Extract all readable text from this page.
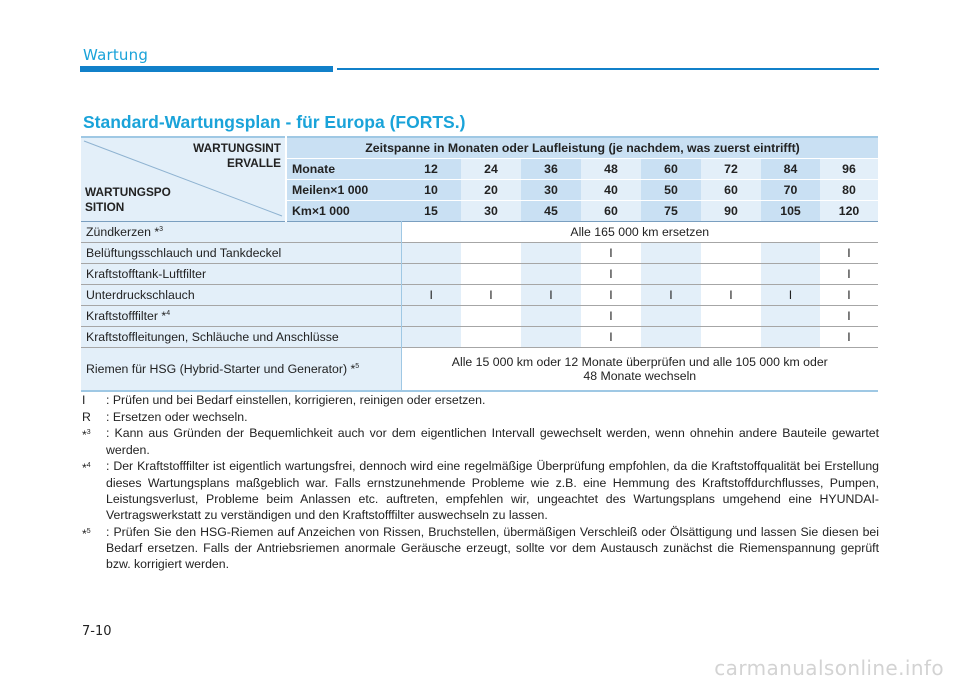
Wartung
Standard-Wartungsplan - für Europa (FORTS.)
WARTUNGSINT
ERVALLE
WARTUNGSPO
SITION	Zeitspanne in Monaten oder Laufleistung (je nachdem, was zuerst eintrifft)								
	Monate	12	24	36	48	60	72	84	96
	Meilen×1 000	10	20	30	40	50	60	70	80
	Km×1 000	15	30	45	60	75	90	105	120
Zündkerzen *$^3$		Alle 165 000 km ersetzen							
Belüftungsschlauch und Tankdeckel					I				I
Kraftstofftank-Luftfilter					I				I
Unterdruckschlauch		I	I	I	I	I	I	I	I
Kraftstofffilter *$^4$					I				I
Kraftstoffleitungen, Schläuche und Anschlüsse					I				I
Riemen für HSG (Hybrid-Starter und Generator) *$^5$		Alle 15 000 km oder 12 Monate überprüfen und alle 105 000 km oder
48 Monate wechseln							
I	: Prüfen und bei Bedarf einstellen, korrigieren, reinigen oder ersetzen.
R	: Ersetzen oder wechseln.
*$^3$	: Kann aus Gründen der Bequemlichkeit auch vor dem eigentlichen Intervall gewechselt werden, wenn ohnehin andere Bauteile gewartet werden.
*$^4$	: Der Kraftstofffilter ist eigentlich wartungsfrei, dennoch wird eine regelmäßige Überprüfung empfohlen, da die Kraftstoffqualität bei Erstellung dieses Wartungsplans maßgeblich war. Falls ernstzunehmende Probleme wie z.B. eine Hemmung des Kraftstoffdurchflusses, Pumpen, Leistungsverlust, Probleme beim Anlassen etc. auftreten, empfehlen wir, ungeachtet des Wartungsplans umgehend eine HYUNDAI-Vertragswerkstatt zu verständigen und den Kraftstofffilter auswechseln zu lassen.
*$^5$	: Prüfen Sie den HSG-Riemen auf Anzeichen von Rissen, Bruchstellen, übermäßigen Verschleiß oder Ölsättigung und lassen Sie diesen bei Bedarf ersetzen. Falls der Antriebsriemen anormale Geräusche erzeugt, sollte vor dem Austausch zunächst die Riemenspannung geprüft bzw. korrigiert werden.
7-10
carmanualsonline.info
